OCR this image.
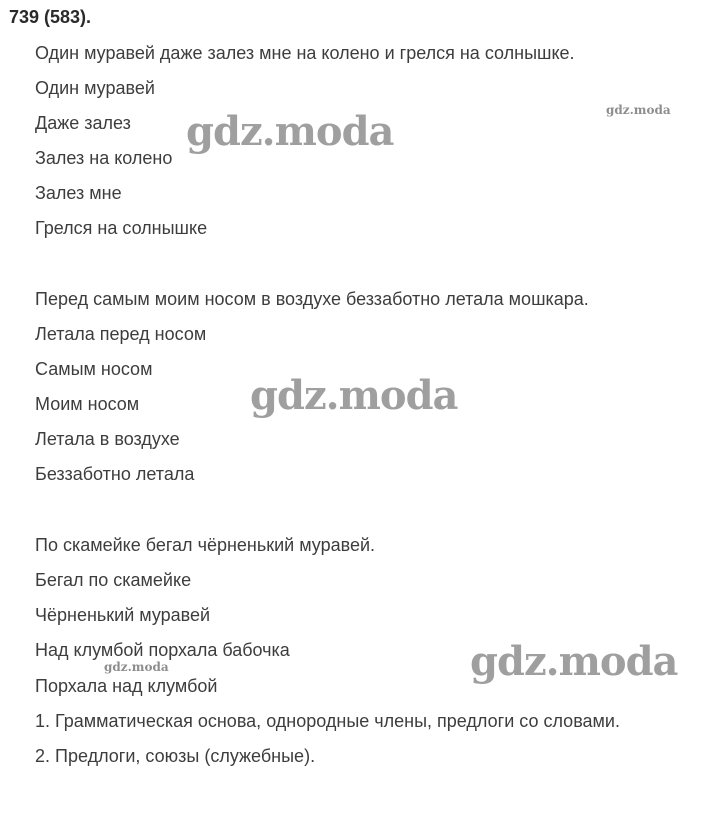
739 (583).
Один муравей даже залез мне на колено и грелся на солнышке.
Один муравей
Даже залез
Залез на колено
Залез мне
Грелся на солнышке
Перед самым моим носом в воздухе беззаботно летала мошкара.
Летала перед носом
Самым носом
Моим носом
Летала в воздухе
Беззаботно летала
По скамейке бегал чёрненький муравей.
Бегал по скамейке
Чёрненький муравей
Над клумбой порхала бабочка
Порхала над клумбой
1. Грамматическая основа, однородные члены, предлоги со словами.
2. Предлоги, союзы (служебные).
gdz.moda	gdz.moda
gdz.moda
gdz.moda
gdz.moda
